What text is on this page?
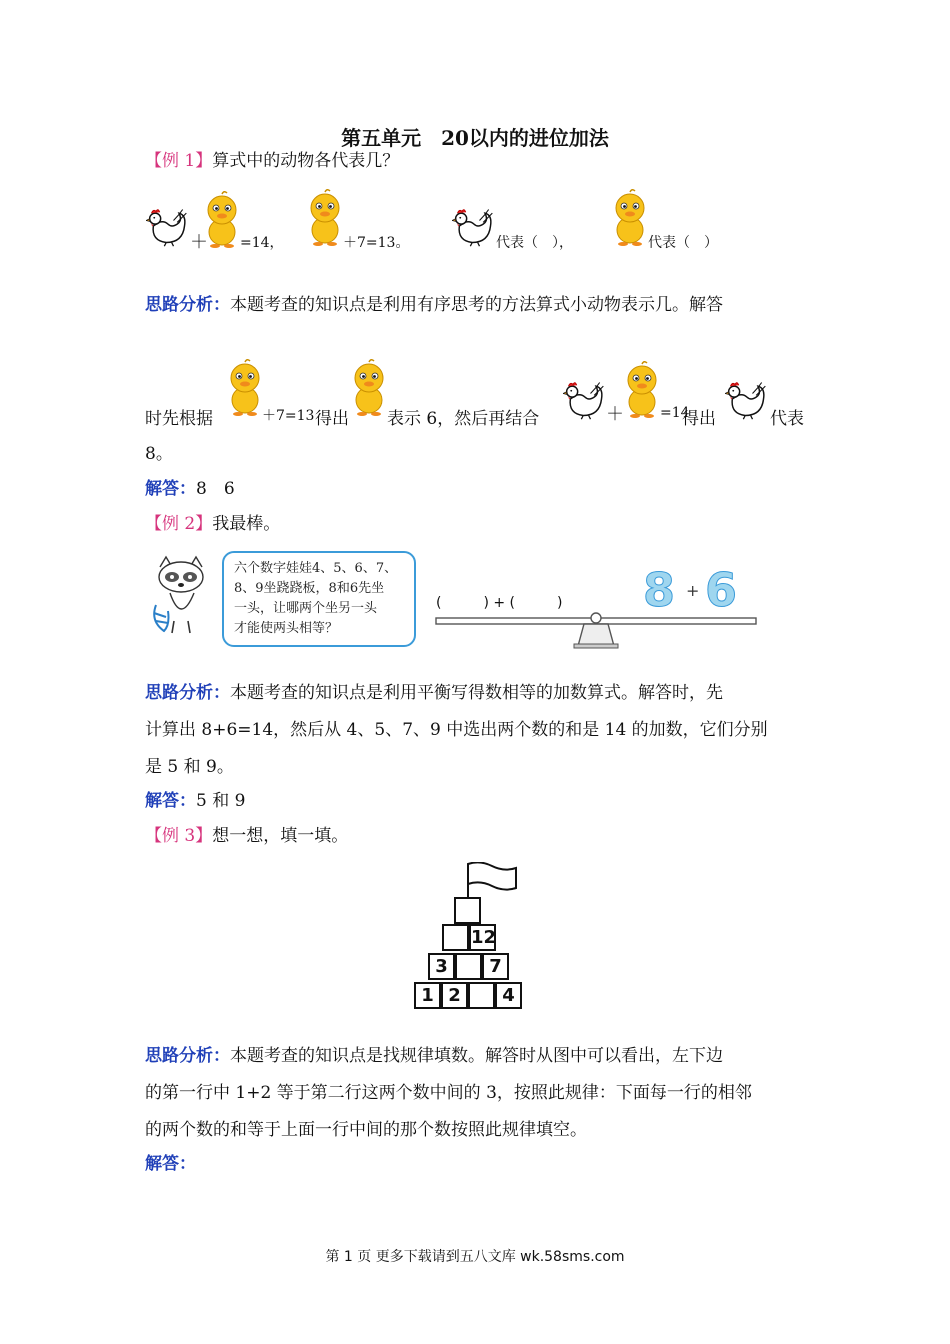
第五单元　20以内的进位加法
【例 1】算式中的动物各代表几？
＋ =14，	＋7=13。	代表（　），	代表（　）
思路分析：本题考查的知识点是利用有序思考的方法算式小动物表示几。解答
时先根据	＋7=13 得出 表示 6，然后再结合	＋	=14
得出	代表
8。
解答：8　6
【例 2】我最棒。
六个数字娃娃4、5、6、7、
8、9坐跷跷板，8和6先坐
一头，让哪两个坐另一头
才能使两头相等？
(　　　) + (　　　) 8 + 6
思路分析：本题考查的知识点是利用平衡写得数相等的加数算式。解答时，先
计算出 8+6=14，然后从 4、5、7、9 中选出两个数的和是 14 的加数，它们分别
是 5 和 9。
解答：5 和 9
【例 3】想一想，填一填。
12
3	7
1 2	4
思路分析：本题考查的知识点是找规律填数。解答时从图中可以看出，左下边
的第一行中 1+2 等于第二行这两个数中间的 3，按照此规律：下面每一行的相邻
的两个数的和等于上面一行中间的那个数按照此规律填空。
解答：
第 1 页 更多下载请到五八文库 wk.58sms.com
